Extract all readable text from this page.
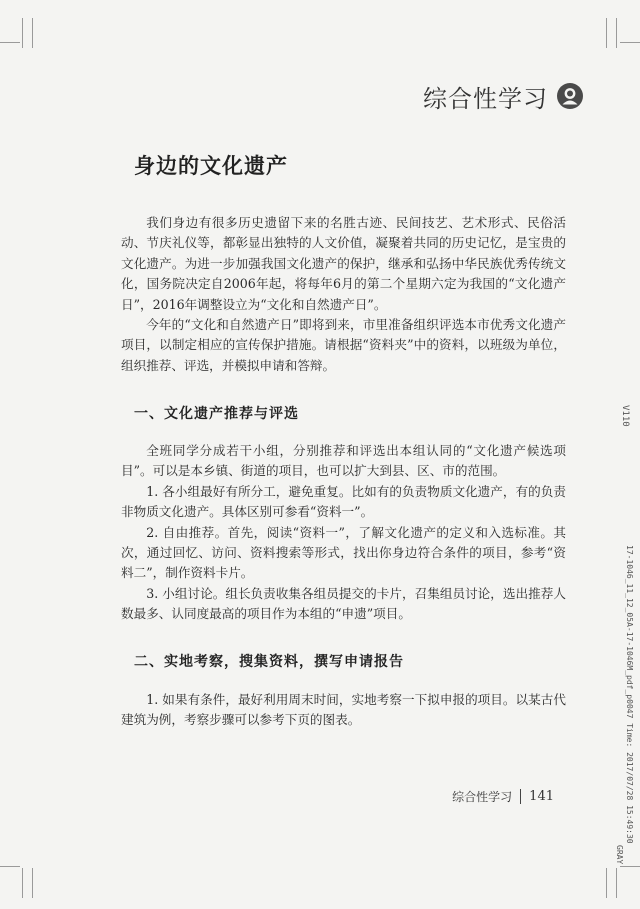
综合性学习
身边的文化遗产

我们身边有很多历史遗留下来的名胜古迹、民间技艺、艺术形式、民俗活动、节庆礼仪等，都彰显出独特的人文价值，凝聚着共同的历史记忆，是宝贵的文化遗产。为进一步加强我国文化遗产的保护，继承和弘扬中华民族优秀传统文化，国务院决定自2006年起，将每年6月的第二个星期六定为我国的“文化遗产日”，2016年调整设立为“文化和自然遗产日”。

今年的“文化和自然遗产日”即将到来，市里准备组织评选本市优秀文化遗产项目，以制定相应的宣传保护措施。请根据“资料夹”中的资料，以班级为单位，组织推荐、评选，并模拟申请和答辩。

一、文化遗产推荐与评选

全班同学分成若干小组，分别推荐和评选出本组认同的“文化遗产候选项目”。可以是本乡镇、街道的项目，也可以扩大到县、区、市的范围。

1. 各小组最好有所分工，避免重复。比如有的负责物质文化遗产，有的负责非物质文化遗产。具体区别可参看“资料一”。

2. 自由推荐。首先，阅读“资料一”，了解文化遗产的定义和入选标准。其次，通过回忆、访问、资料搜索等形式，找出你身边符合条件的项目，参考“资料二”，制作资料卡片。

3. 小组讨论。组长负责收集各组员提交的卡片，召集组员讨论，选出推荐人数最多、认同度最高的项目作为本组的“申遗”项目。

二、实地考察，搜集资料，撰写申请报告

1. 如果有条件，最好利用周末时间，实地考察一下拟申报的项目。以某古代建筑为例，考察步骤可以参考下页的图表。

综合性学习 141
V110
17-1046_11_12_05A-17-1046M_pdf_p0047 Time: 2017/07/28 15:49:30
GRAY
